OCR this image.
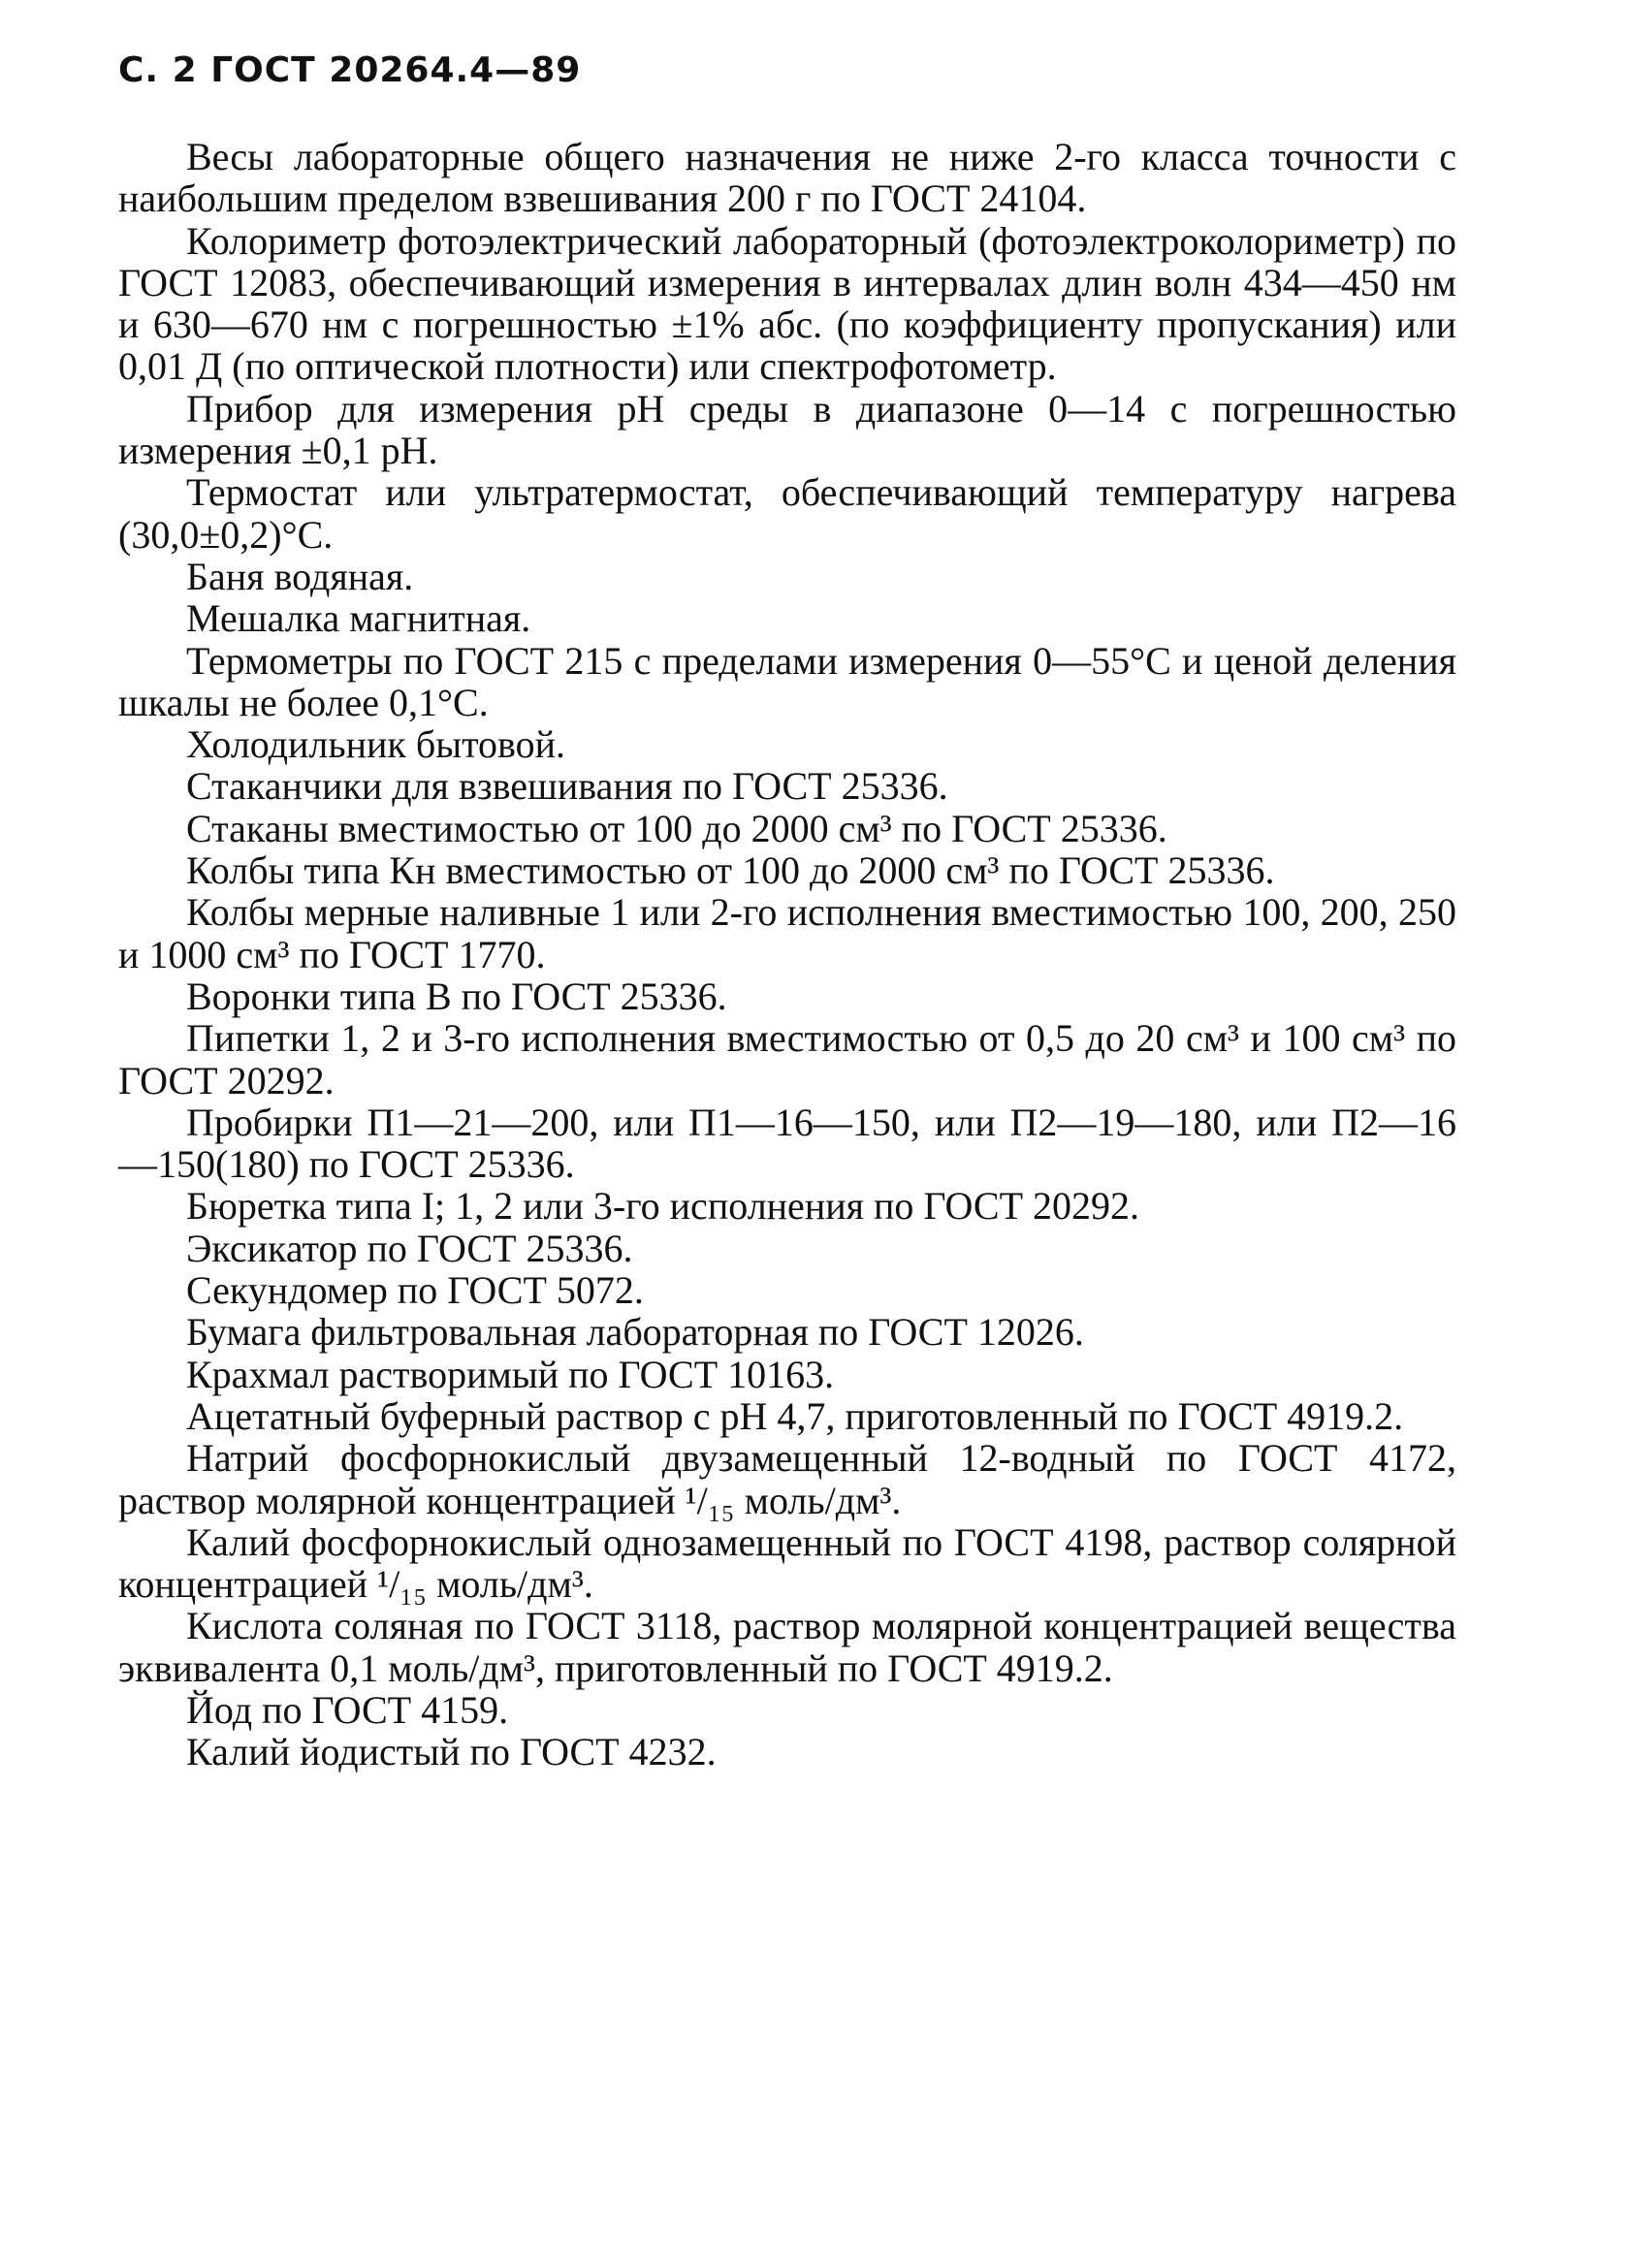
С. 2 ГОСТ 20264.4—89

Весы лабораторные общего назначения не ниже 2-го класса точности с наибольшим пределом взвешивания 200 г по ГОСТ 24104.

Колориметр фотоэлектрический лабораторный (фотоэлектроколориметр) по ГОСТ 12083, обеспечивающий измерения в интервалах длин волн 434—450 нм и 630—670 нм с погрешностью ±1% абс. (по коэффициенту пропускания) или 0,01 Д (по оптической плотности) или спектрофотометр.

Прибор для измерения рН среды в диапазоне 0—14 с погрешностью измерения ±0,1 рН.

Термостат или ультратермостат, обеспечивающий температуру нагрева (30,0±0,2)°С.

Баня водяная.

Мешалка магнитная.

Термометры по ГОСТ 215 с пределами измерения 0—55°С и ценой деления шкалы не более 0,1°С.

Холодильник бытовой.

Стаканчики для взвешивания по ГОСТ 25336.

Стаканы вместимостью от 100 до 2000 см³ по ГОСТ 25336.

Колбы типа Кн вместимостью от 100 до 2000 см³ по ГОСТ 25336.

Колбы мерные наливные 1 или 2-го исполнения вместимостью 100, 200, 250 и 1000 см³ по ГОСТ 1770.

Воронки типа В по ГОСТ 25336.

Пипетки 1, 2 и 3-го исполнения вместимостью от 0,5 до 20 см³ и 100 см³ по ГОСТ 20292.

Пробирки П1—21—200, или П1—16—150, или П2—19—180, или П2—16—150(180) по ГОСТ 25336.

Бюретка типа I; 1, 2 или 3-го исполнения по ГОСТ 20292.

Эксикатор по ГОСТ 25336.

Секундомер по ГОСТ 5072.

Бумага фильтровальная лабораторная по ГОСТ 12026.

Крахмал растворимый по ГОСТ 10163.

Ацетатный буферный раствор с рН 4,7, приготовленный по ГОСТ 4919.2.

Натрий фосфорнокислый двузамещенный 12-водный по ГОСТ 4172, раствор молярной концентрацией ¹/₁₅ моль/дм³.

Калий фосфорнокислый однозамещенный по ГОСТ 4198, раствор солярной концентрацией ¹/₁₅ моль/дм³.

Кислота соляная по ГОСТ 3118, раствор молярной концентрацией вещества эквивалента 0,1 моль/дм³, приготовленный по ГОСТ 4919.2.

Йод по ГОСТ 4159.

Калий йодистый по ГОСТ 4232.
